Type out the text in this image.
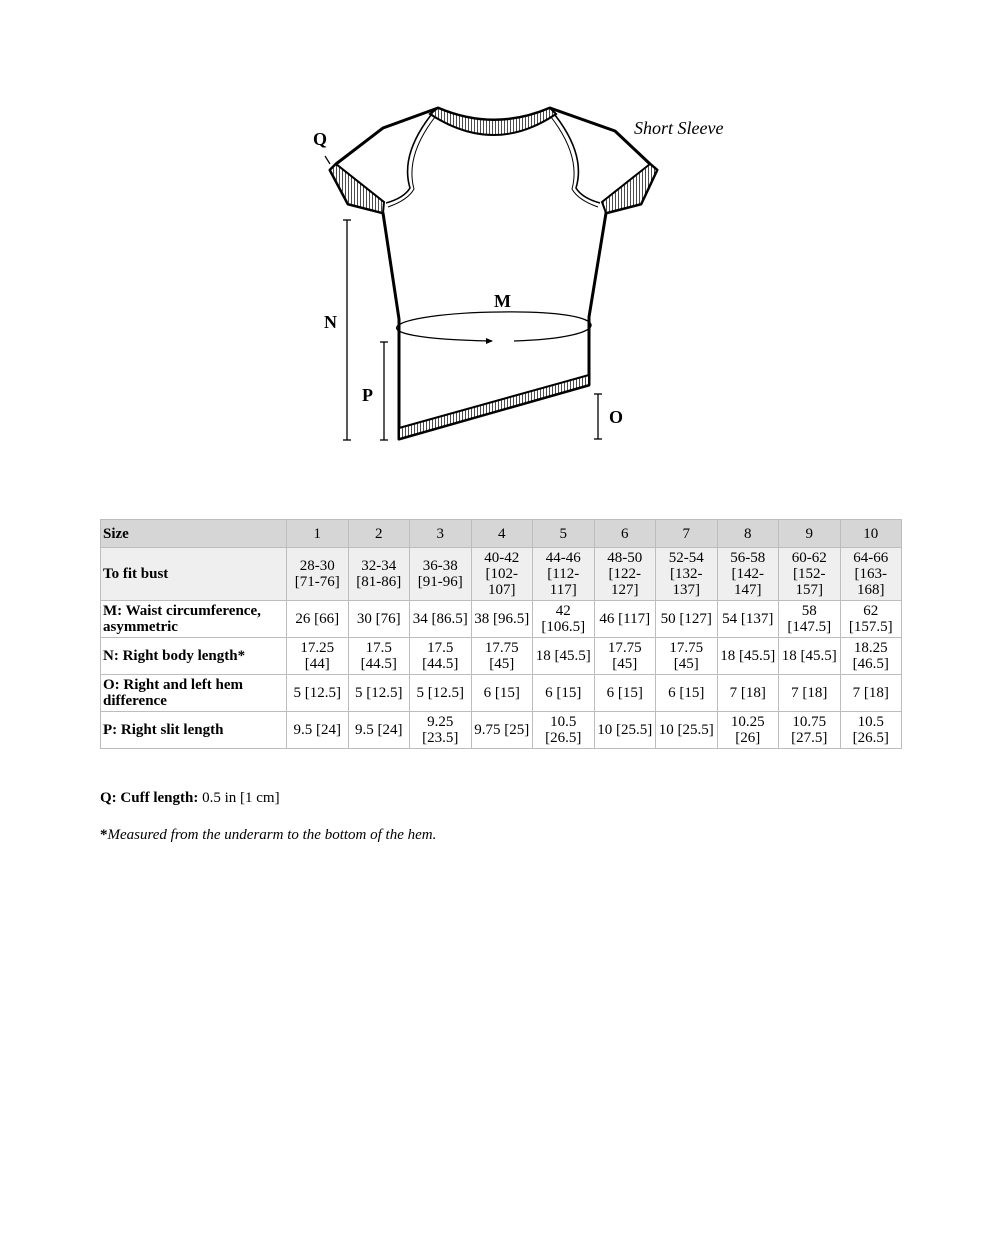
Q
M
N
P
O
Short Sleeve
Size	1	2	3	4	5	6	7	8	9	10
To fit bust	28-30 [71-76]	32-34 [81-86]	36-38 [91-96]	40-42 [102-107]	44-46 [112-117]	48-50 [122-127]	52-54 [132-137]	56-58 [142-147]	60-62 [152-157]	64-66 [163-168]
M: Waist circumference, asymmetric	26 [66]	30 [76]	34 [86.5]	38 [96.5]	42 [106.5]	46 [117]	50 [127]	54 [137]	58 [147.5]	62 [157.5]
N: Right body length*	17.25 [44]	17.5 [44.5]	17.5 [44.5]	17.75 [45]	18 [45.5]	17.75 [45]	17.75 [45]	18 [45.5]	18 [45.5]	18.25 [46.5]
O: Right and left hem difference	5 [12.5]	5 [12.5]	5 [12.5]	6 [15]	6 [15]	6 [15]	6 [15]	7 [18]	7 [18]	7 [18]
P: Right slit length	9.5 [24]	9.5 [24]	9.25 [23.5]	9.75 [25]	10.5 [26.5]	10 [25.5]	10 [25.5]	10.25 [26]	10.75 [27.5]	10.5 [26.5]
Q: Cuff length: 0.5 in [1 cm]
*Measured from the underarm to the bottom of the hem.
